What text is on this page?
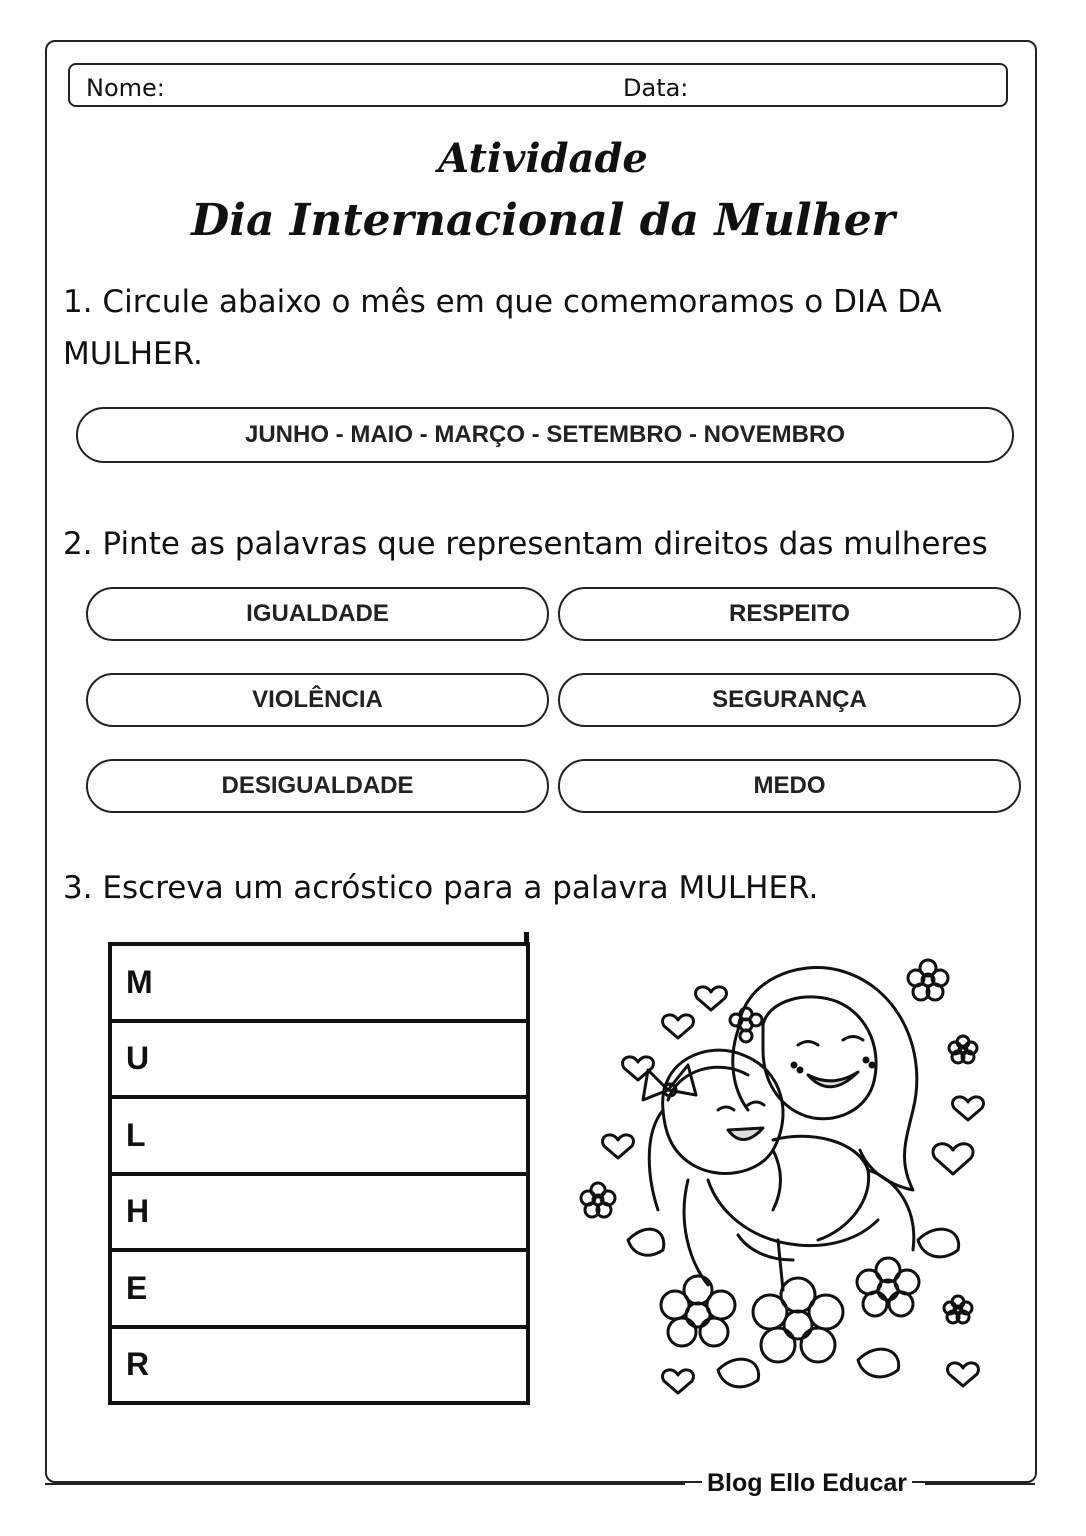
Nome:	Data:
Atividade
Dia Internacional da Mulher
1. Circule abaixo o mês em que comemoramos o DIA DA MULHER.
JUNHO - MAIO - MARÇO - SETEMBRO - NOVEMBRO
2. Pinte as palavras que representam direitos das mulheres
IGUALDADE	RESPEITO
VIOLÊNCIA	SEGURANÇA
DESIGUALDADE	MEDO
3. Escreva um acróstico para a palavra MULHER.
M
U
L
H
E
R
Blog Ello Educar
